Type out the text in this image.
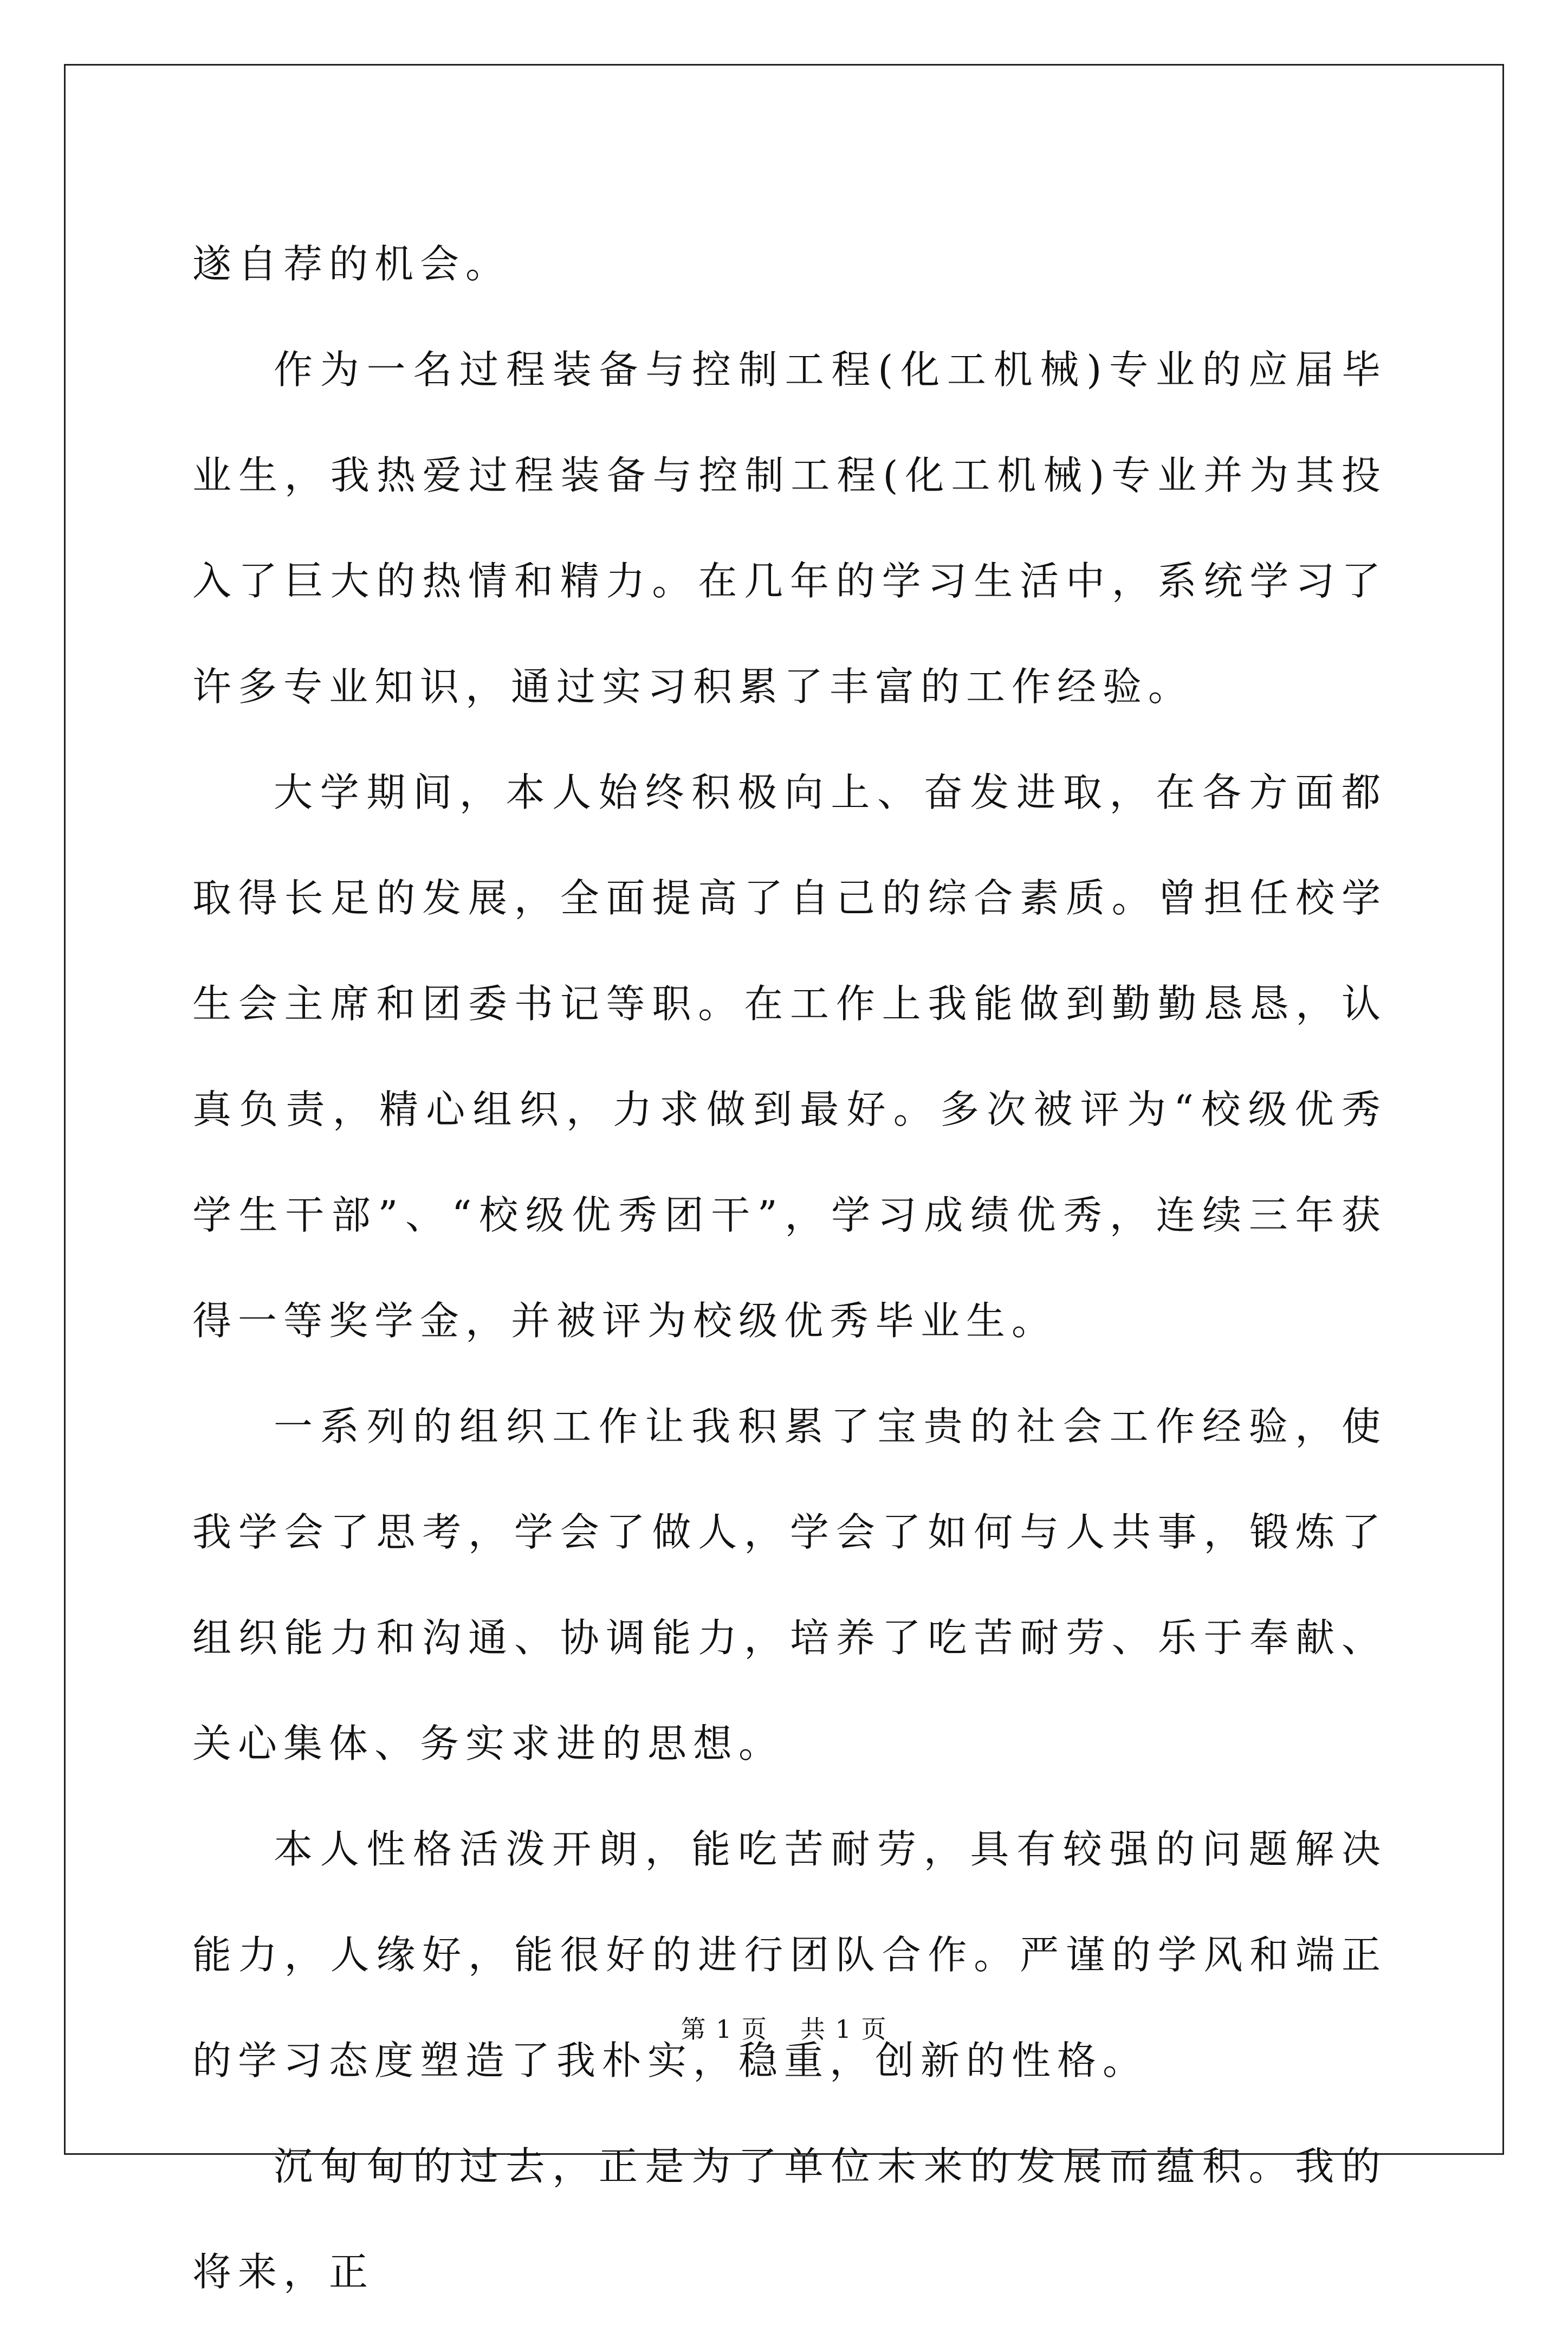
遂自荐的机会。

作为一名过程装备与控制工程(化工机械)专业的应届毕业生，我热爱过程装备与控制工程(化工机械)专业并为其投入了巨大的热情和精力。在几年的学习生活中，系统学习了许多专业知识，通过实习积累了丰富的工作经验。

大学期间，本人始终积极向上、奋发进取，在各方面都取得长足的发展，全面提高了自己的综合素质。曾担任校学生会主席和团委书记等职。在工作上我能做到勤勤恳恳，认真负责，精心组织，力求做到最好。多次被评为“校级优秀学生干部”、“校级优秀团干”，学习成绩优秀，连续三年获得一等奖学金，并被评为校级优秀毕业生。

一系列的组织工作让我积累了宝贵的社会工作经验，使我学会了思考，学会了做人，学会了如何与人共事，锻炼了组织能力和沟通、协调能力，培养了吃苦耐劳、乐于奉献、关心集体、务实求进的思想。

本人性格活泼开朗，能吃苦耐劳，具有较强的问题解决能力，人缘好，能很好的进行团队合作。严谨的学风和端正的学习态度塑造了我朴实，稳重，创新的性格。

沉甸甸的过去，正是为了单位未来的发展而蕴积。我的将来，正

第 1 页 共 1 页
